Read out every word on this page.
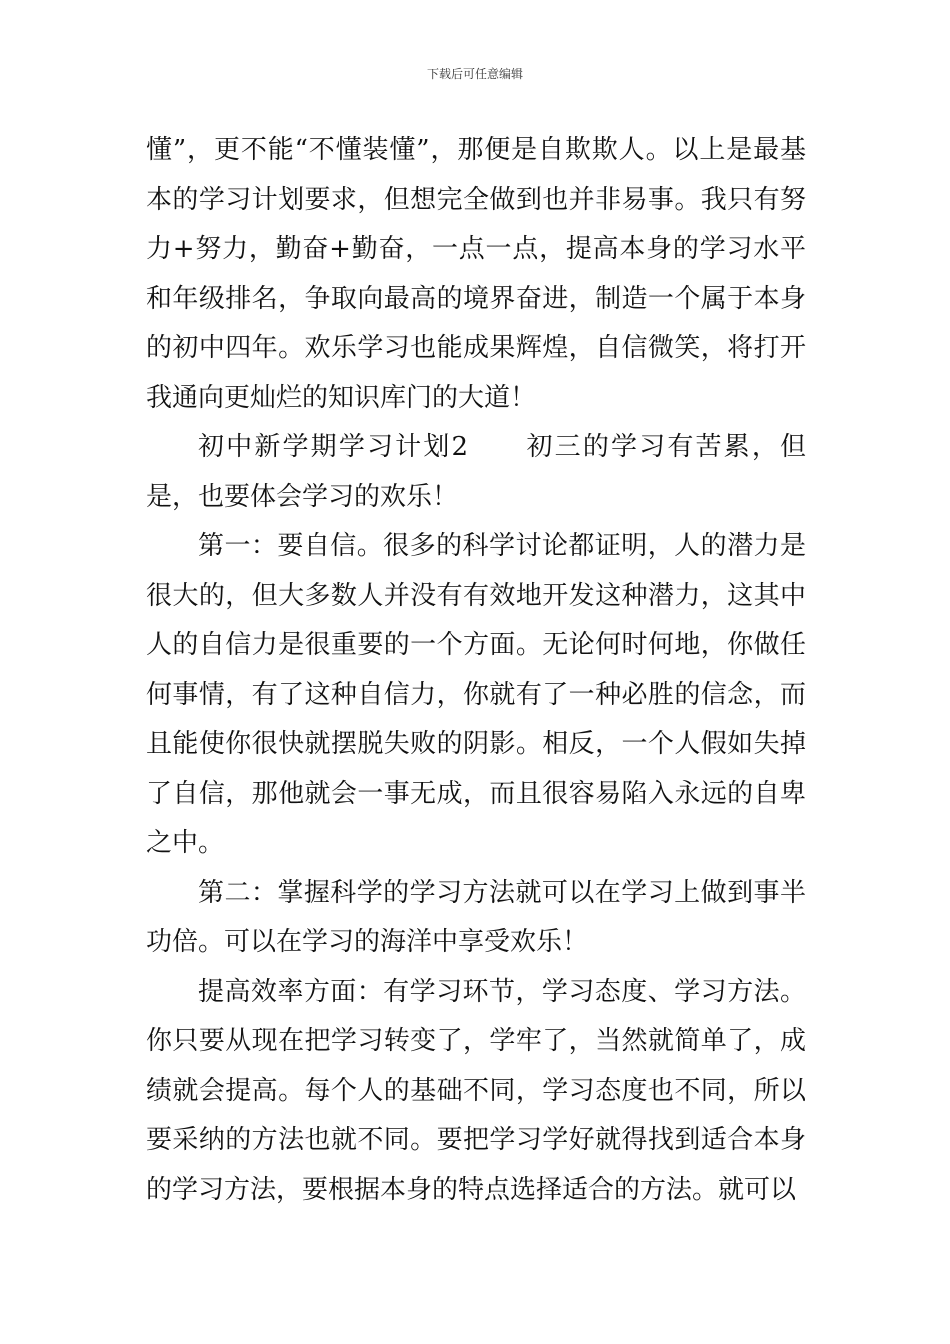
下载后可任意编辑

懂”，更不能“不懂装懂”，那便是自欺欺人。以上是最基本的学习计划要求，但想完全做到也并非易事。我只有努力+努力，勤奋+勤奋，一点一点，提高本身的学习水平和年级排名，争取向最高的境界奋进，制造一个属于本身的初中四年。欢乐学习也能成果辉煌，自信微笑，将打开我通向更灿烂的知识库门的大道！

初中新学期学习计划2　　初三的学习有苦累，但是，也要体会学习的欢乐！

第一：要自信。很多的科学讨论都证明，人的潜力是很大的，但大多数人并没有有效地开发这种潜力，这其中人的自信力是很重要的一个方面。无论何时何地，你做任何事情，有了这种自信力，你就有了一种必胜的信念，而且能使你很快就摆脱失败的阴影。相反，一个人假如失掉了自信，那他就会一事无成，而且很容易陷入永远的自卑之中。

第二：掌握科学的学习方法就可以在学习上做到事半功倍。可以在学习的海洋中享受欢乐！

提高效率方面：有学习环节，学习态度、学习方法。你只要从现在把学习转变了，学牢了，当然就简单了，成绩就会提高。每个人的基础不同，学习态度也不同，所以要采纳的方法也就不同。要把学习学好就得找到适合本身的学习方法，要根据本身的特点选择适合的方法。就可以
